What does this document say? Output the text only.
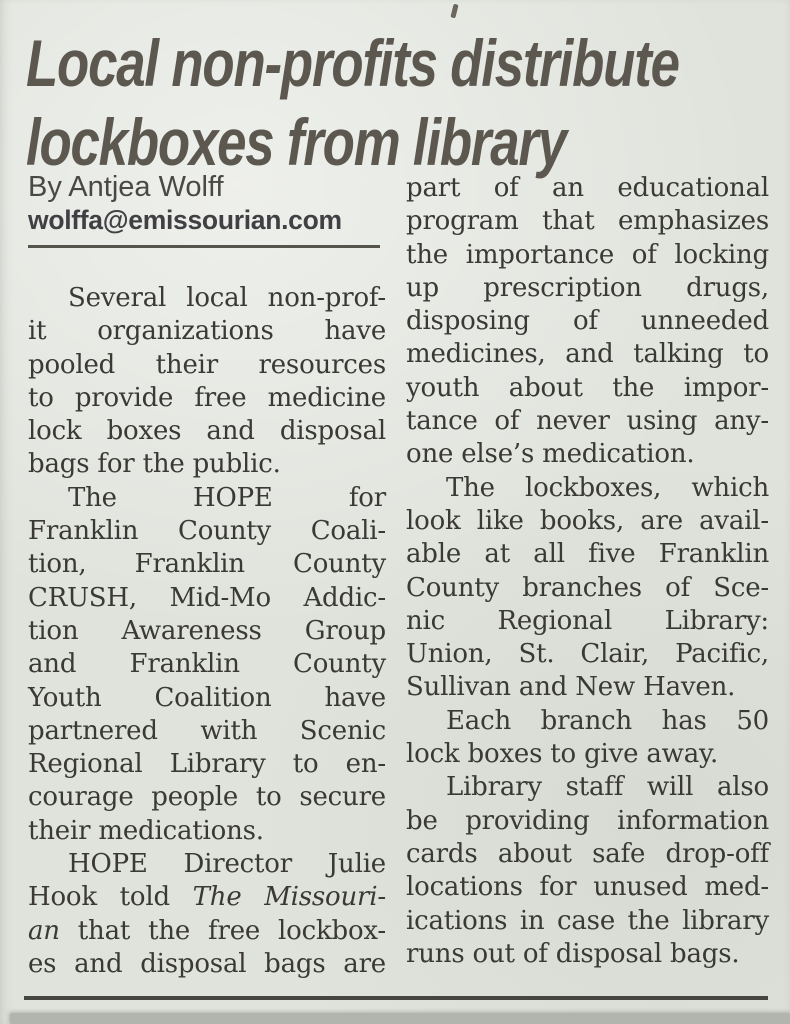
Local non-profits distribute
lockboxes from library
By Antjea Wolff
wolffa@emissourian.com
Several local non-prof-
it organizations have
pooled their resources
to provide free medicine
lock boxes and disposal
bags for the public.
The HOPE for
Franklin County Coali-
tion, Franklin County
CRUSH, Mid-Mo Addic-
tion Awareness Group
and Franklin County
Youth Coalition have
partnered with Scenic
Regional Library to en-
courage people to secure
their medications.
HOPE Director Julie
Hook told The Missouri-
an that the free lockbox-
es and disposal bags are
part of an educational
program that emphasizes
the importance of locking
up prescription drugs,
disposing of unneeded
medicines, and talking to
youth about the impor-
tance of never using any-
one else’s medication.
The lockboxes, which
look like books, are avail-
able at all five Franklin
County branches of Sce-
nic Regional Library:
Union, St. Clair, Pacific,
Sullivan and New Haven.
Each branch has 50
lock boxes to give away.
Library staff will also
be providing information
cards about safe drop-off
locations for unused med-
ications in case the library
runs out of disposal bags.
